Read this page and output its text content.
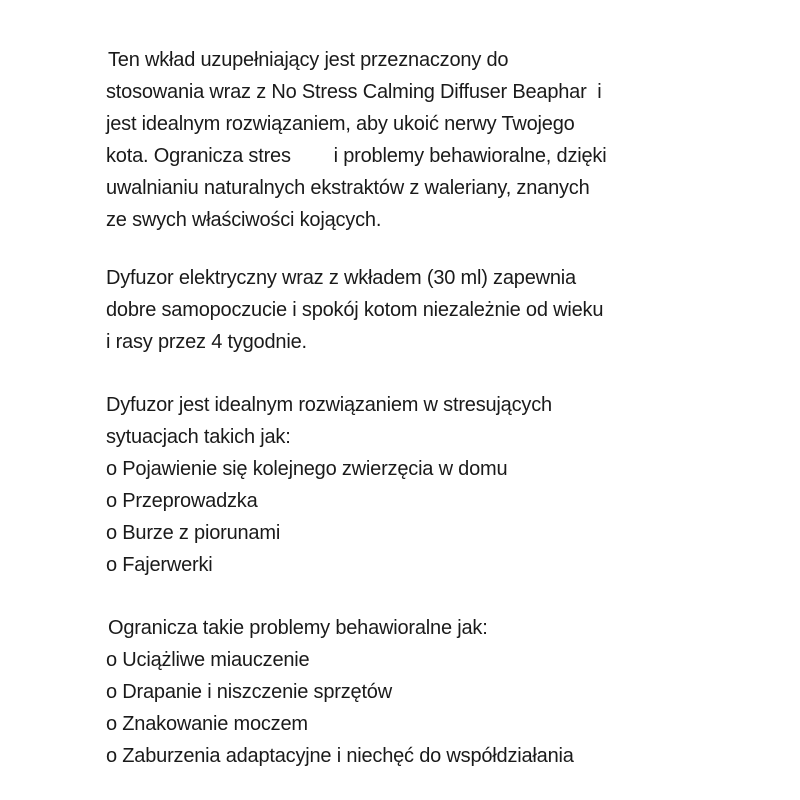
Ten wkład uzupełniający jest przeznaczony do
stosowania wraz z No Stress Calming Diffuser Beaphar  i
jest idealnym rozwiązaniem, aby ukoić nerwy Twojego
kota. Ogranicza stres        i problemy behawioralne, dzięki
uwalnianiu naturalnych ekstraktów z waleriany, znanych
ze swych właściwości kojących.
Dyfuzor elektryczny wraz z wkładem (30 ml) zapewnia
dobre samopoczucie i spokój kotom niezależnie od wieku
i rasy przez 4 tygodnie.
Dyfuzor jest idealnym rozwiązaniem w stresujących
sytuacjach takich jak:
o Pojawienie się kolejnego zwierzęcia w domu
o Przeprowadzka
o Burze z piorunami
o Fajerwerki
Ogranicza takie problemy behawioralne jak:
o Uciążliwe miauczenie
o Drapanie i niszczenie sprzętów
o Znakowanie moczem
o Zaburzenia adaptacyjne i niechęć do współdziałania
